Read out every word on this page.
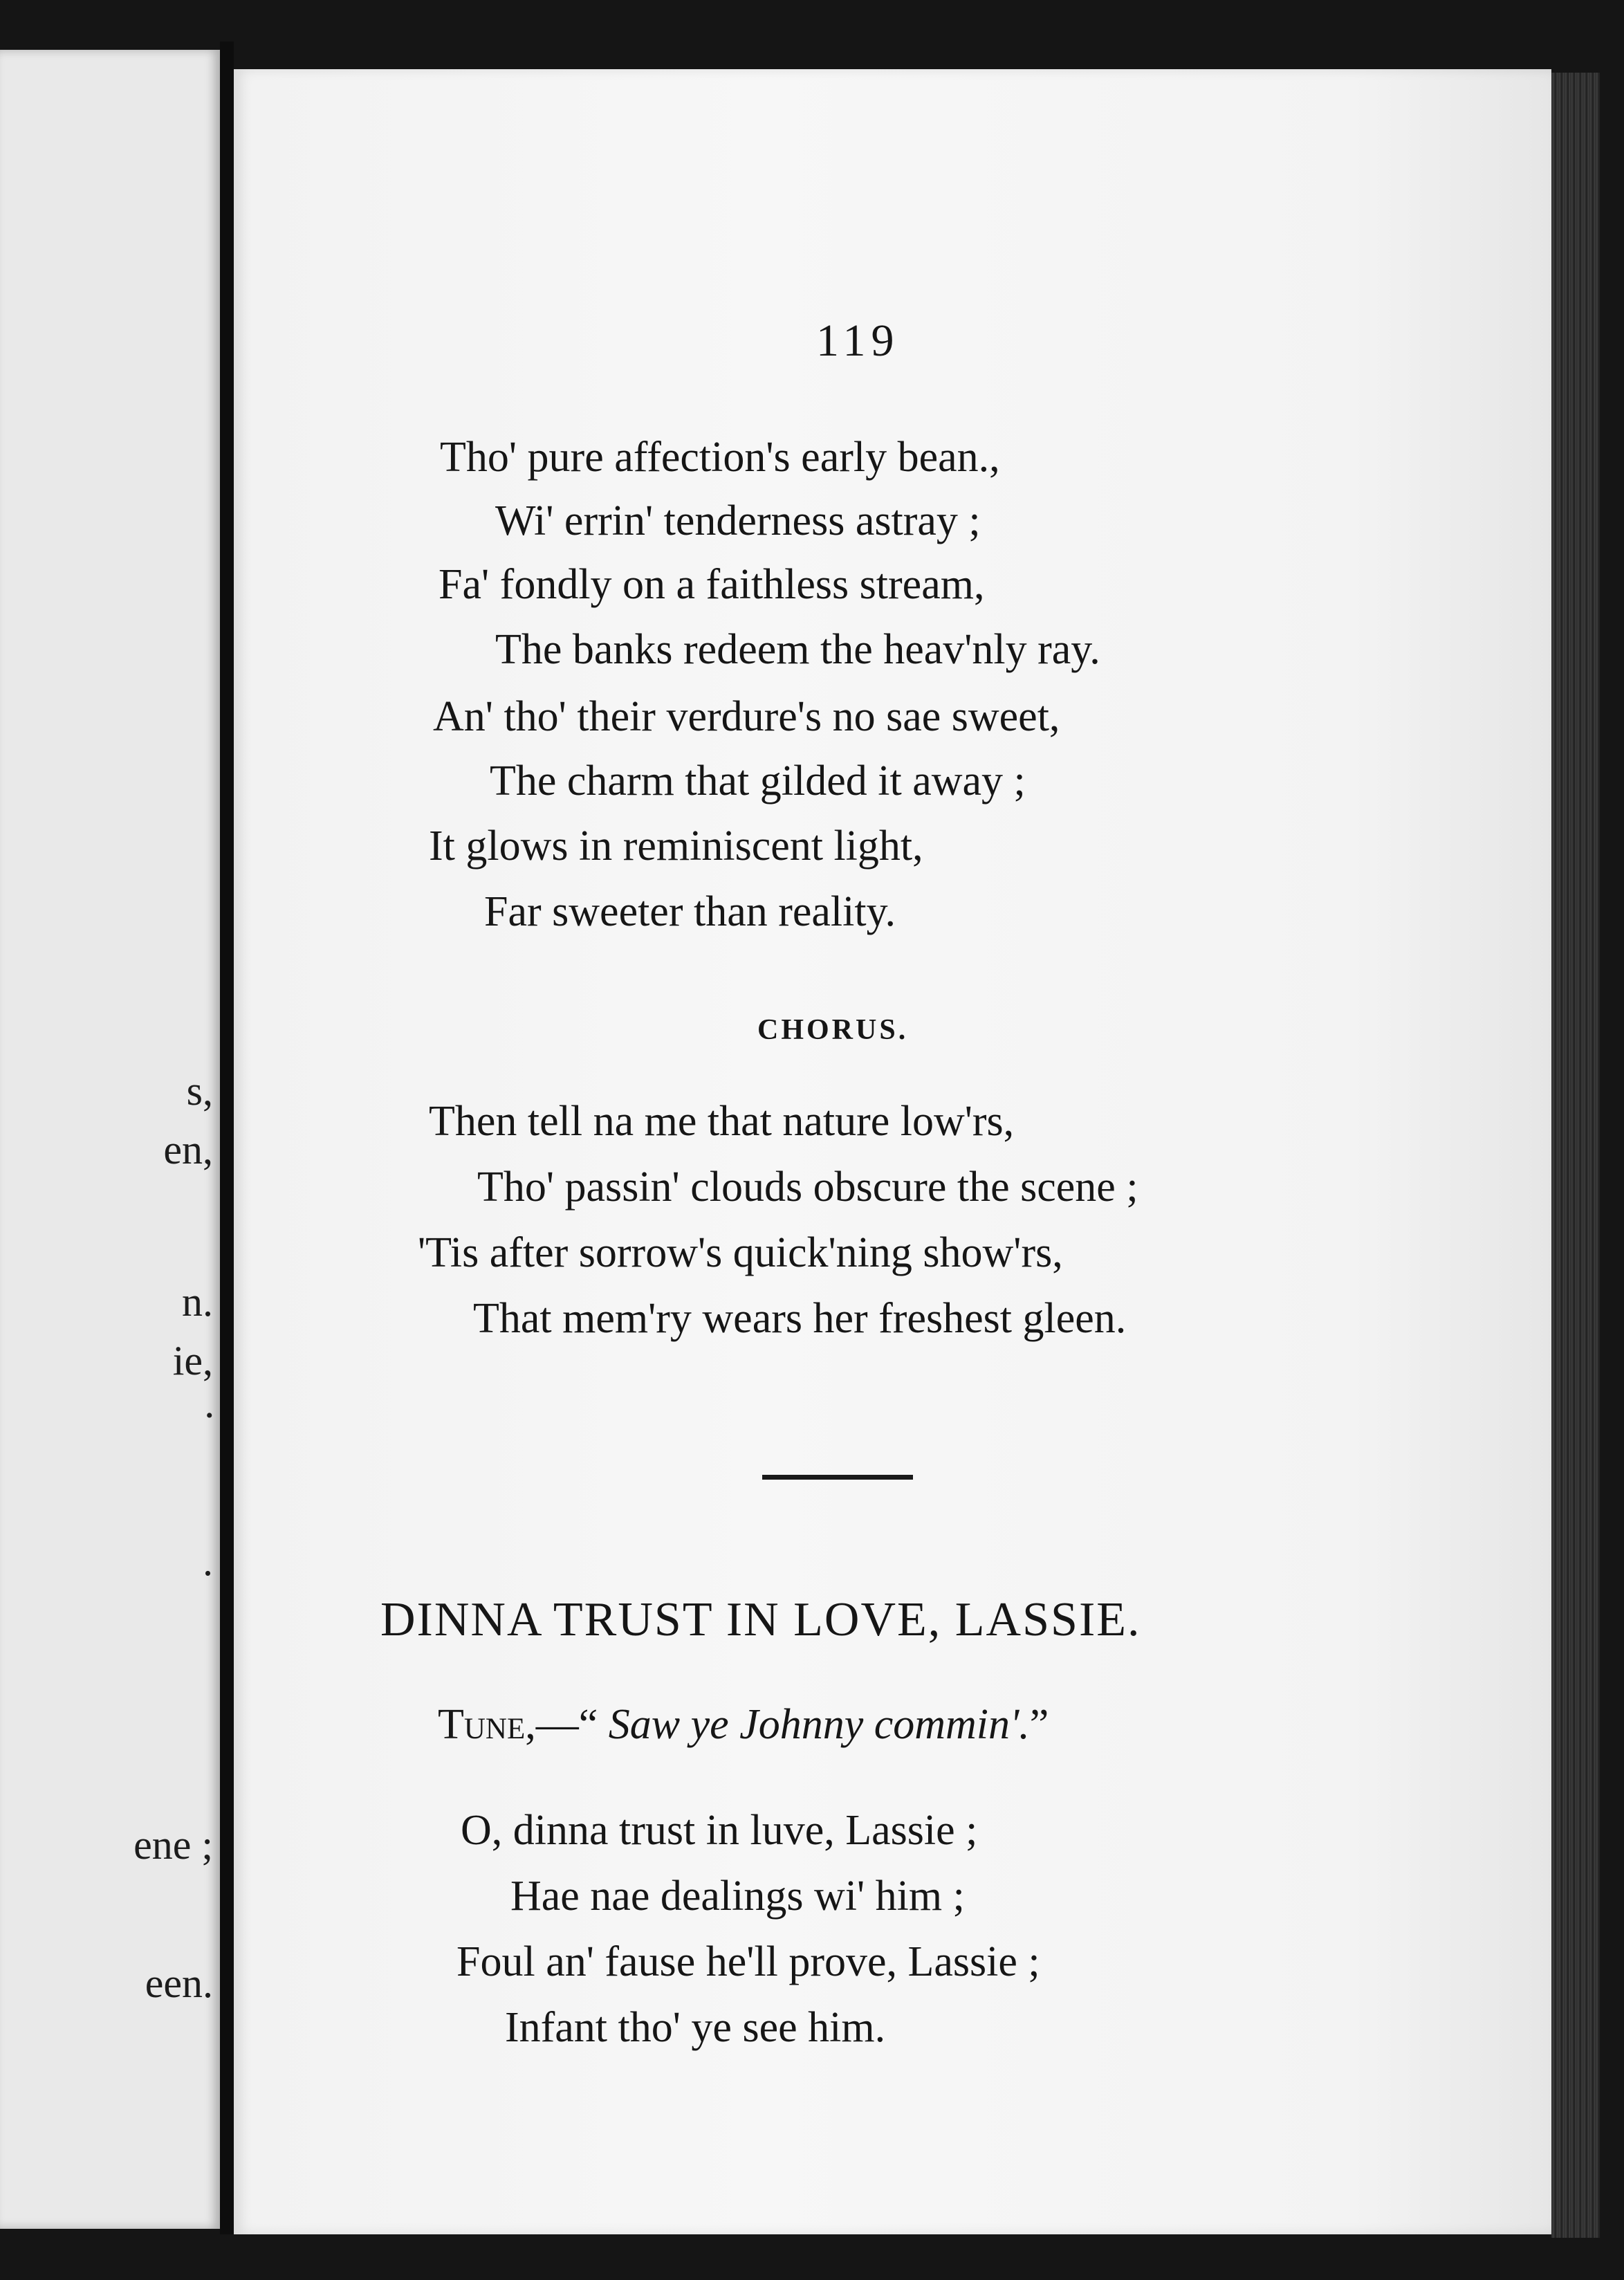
s,
en,
n.
ie,
•
.
ene ;
een.
119
Tho' pure affection's early bean.,
Wi' errin' tenderness astray ;
Fa' fondly on a faithless stream,
The banks redeem the heav'nly ray.
An' tho' their verdure's no sae sweet,
The charm that gilded it away ;
It glows in reminiscent light,
Far sweeter than reality.
CHORUS.
Then tell na me that nature low'rs,
Tho' passin' clouds obscure the scene ;
'Tis after sorrow's quick'ning show'rs,
That mem'ry wears her freshest gleen.
DINNA TRUST IN LOVE, LASSIE.
Tune,—“ Saw ye Johnny commin'.”
O, dinna trust in luve, Lassie ;
Hae nae dealings wi' him ;
Foul an' fause he'll prove, Lassie ;
Infant tho' ye see him.
